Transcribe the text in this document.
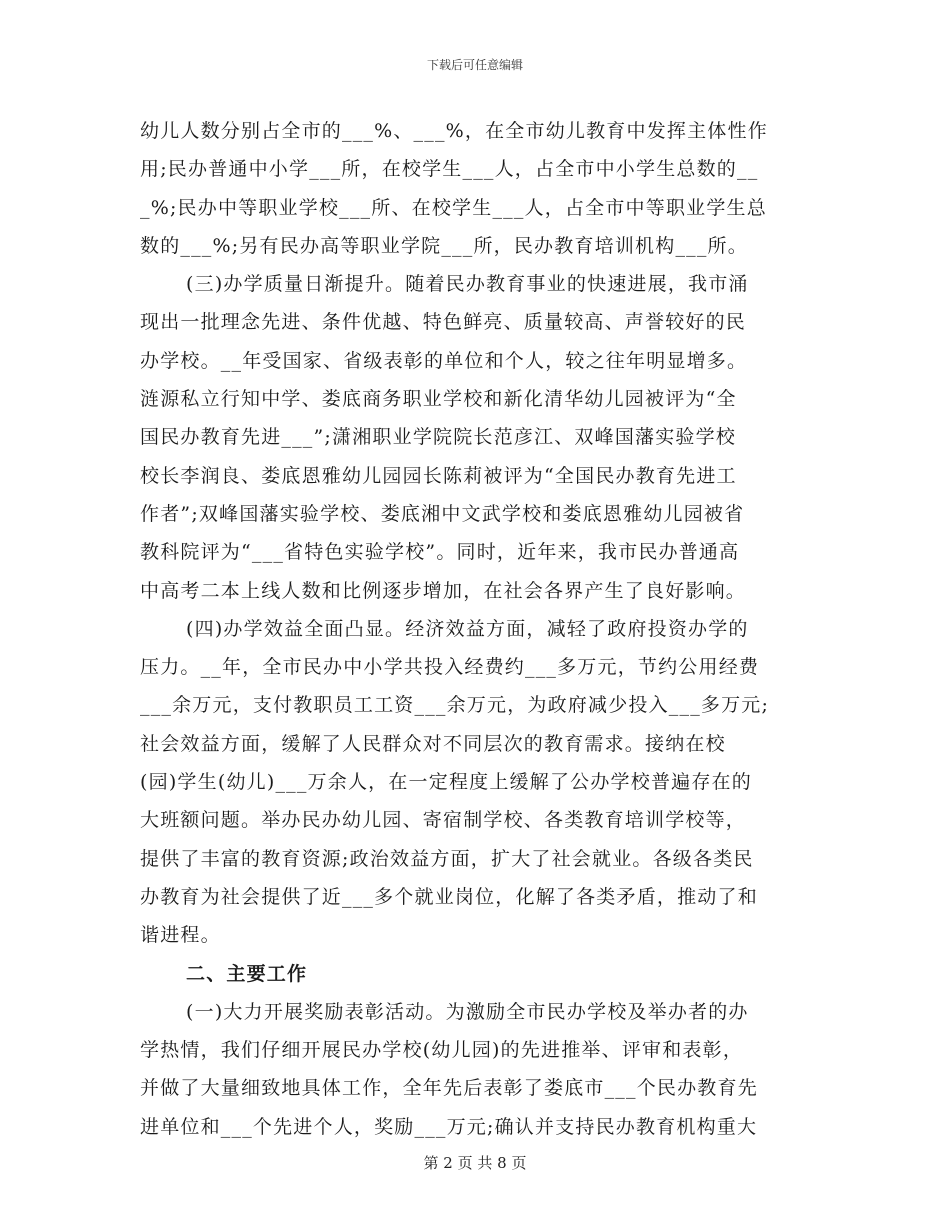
下载后可任意编辑
幼儿人数分别占全市的___%、___%，在全市幼儿教育中发挥主体性作
用;民办普通中小学___所，在校学生___人，占全市中小学生总数的__
_%;民办中等职业学校___所、在校学生___人，占全市中等职业学生总
数的___%;另有民办高等职业学院___所，民办教育培训机构___所。
(三)办学质量日渐提升。随着民办教育事业的快速进展，我市涌
现出一批理念先进、条件优越、特色鲜亮、质量较高、声誉较好的民
办学校。__年受国家、省级表彰的单位和个人，较之往年明显增多。
涟源私立行知中学、娄底商务职业学校和新化清华幼儿园被评为“全
国民办教育先进___”;潇湘职业学院院长范彦江、双峰国藩实验学校
校长李润良、娄底恩雅幼儿园园长陈莉被评为“全国民办教育先进工
作者”;双峰国藩实验学校、娄底湘中文武学校和娄底恩雅幼儿园被省
教科院评为“___省特色实验学校”。同时，近年来，我市民办普通高
中高考二本上线人数和比例逐步增加，在社会各界产生了良好影响。
(四)办学效益全面凸显。经济效益方面，减轻了政府投资办学的
压力。__年，全市民办中小学共投入经费约___多万元，节约公用经费
___余万元，支付教职员工工资___余万元，为政府减少投入___多万元;
社会效益方面，缓解了人民群众对不同层次的教育需求。接纳在校
(园)学生(幼儿)___万余人，在一定程度上缓解了公办学校普遍存在的
大班额问题。举办民办幼儿园、寄宿制学校、各类教育培训学校等，
提供了丰富的教育资源;政治效益方面，扩大了社会就业。各级各类民
办教育为社会提供了近___多个就业岗位，化解了各类矛盾，推动了和
谐进程。
二、主要工作
(一)大力开展奖励表彰活动。为激励全市民办学校及举办者的办
学热情，我们仔细开展民办学校(幼儿园)的先进推举、评审和表彰，
并做了大量细致地具体工作，全年先后表彰了娄底市___个民办教育先
进单位和___个先进个人，奖励___万元;确认并支持民办教育机构重大
第 2 页 共 8 页
